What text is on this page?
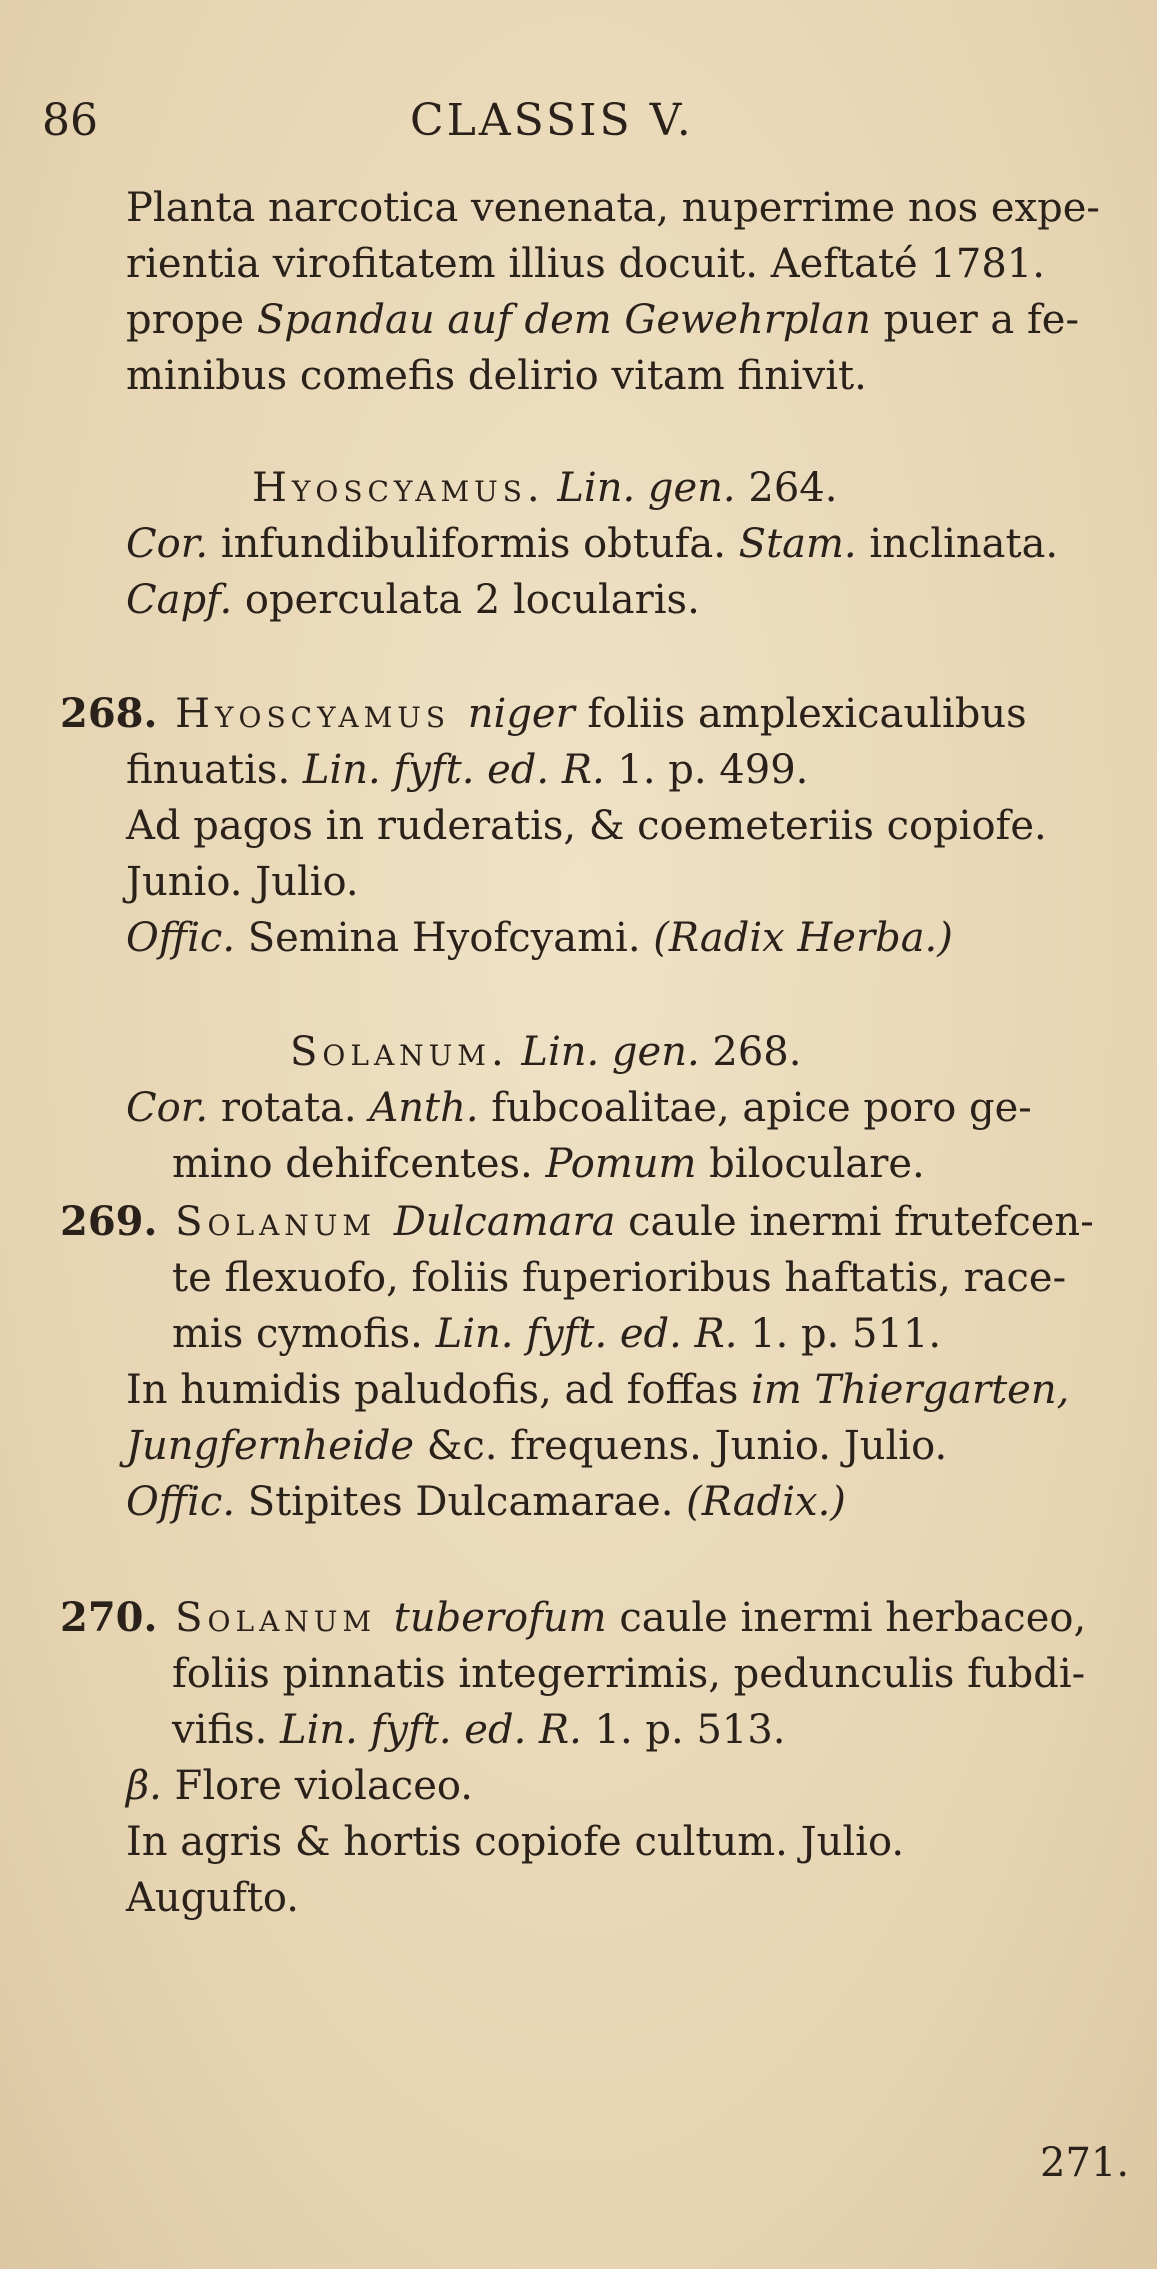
86	CLASSIS V.
Planta narcotica venenata, nuperrime nos expe-
rientia virofitatem illius docuit. Aeftaté 1781.
prope Spandau auf dem Gewehrplan puer a fe-
minibus comefis delirio vitam finivit.
Hyoscyamus. Lin. gen. 264.
Cor. infundibuliformis obtufa. Stam. inclinata.
Capf. operculata 2 locularis.
268. Hyoscyamus niger foliis amplexicaulibus
finuatis. Lin. fyft. ed. R. 1. p. 499.
Ad pagos in ruderatis, & coemeteriis copiofe.
Junio. Julio.
Offic. Semina Hyofcyami. (Radix Herba.)
Solanum. Lin. gen. 268.
Cor. rotata. Anth. fubcoalitae, apice poro ge-
mino dehifcentes. Pomum biloculare.
269. Solanum Dulcamara caule inermi frutefcen-
te flexuofo, foliis fuperioribus haftatis, race-
mis cymofis. Lin. fyft. ed. R. 1. p. 511.
In humidis paludofis, ad foffas im Thiergarten,
Jungfernheide &c. frequens. Junio. Julio.
Offic. Stipites Dulcamarae. (Radix.)
270. Solanum tuberofum caule inermi herbaceo,
foliis pinnatis integerrimis, pedunculis fubdi-
vifis. Lin. fyft. ed. R. 1. p. 513.
β. Flore violaceo.
In agris & hortis copiofe cultum. Julio.
Augufto.
271.
